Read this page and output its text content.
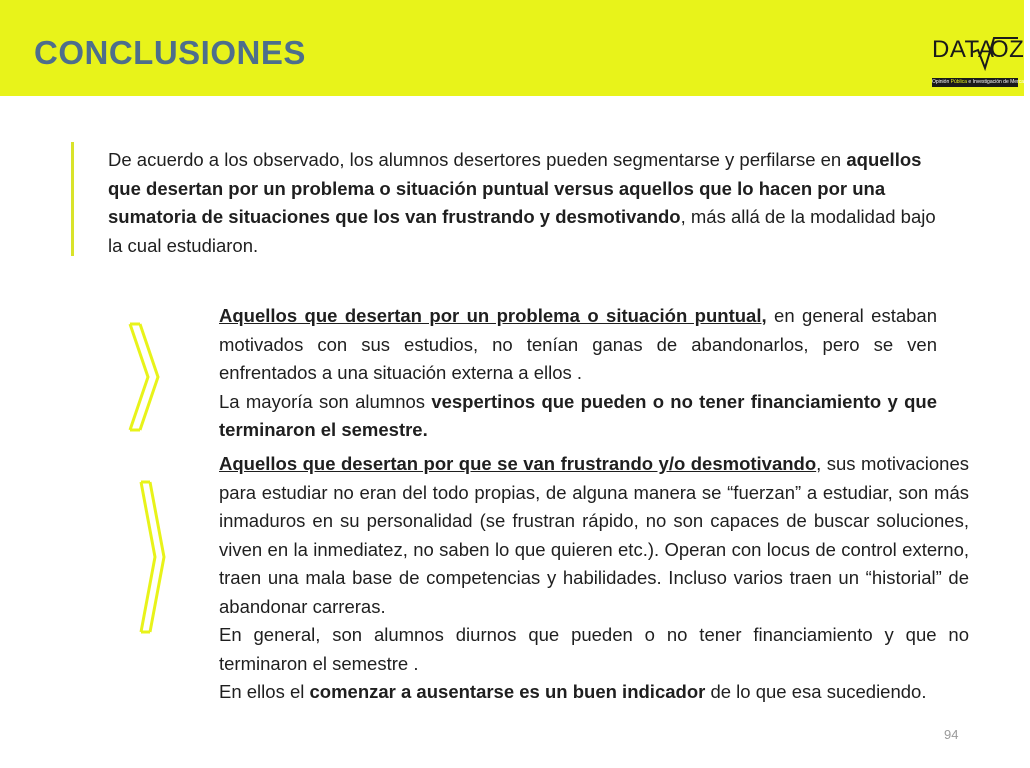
CONCLUSIONES	DATA
OZ
Opinión Pública e Investigación de Mercado
De acuerdo a los observado, los alumnos desertores pueden segmentarse y perfilarse en aquellos que desertan por un problema o situación puntual versus aquellos que lo hacen por una sumatoria de situaciones que los van frustrando y desmotivando, más allá de la modalidad bajo la cual estudiaron.

Aquellos que desertan por un problema o situación puntual, en general estaban motivados con sus estudios, no tenían ganas de abandonarlos, pero se ven enfrentados a una situación externa a ellos .

La mayoría son alumnos vespertinos que pueden o no tener financiamiento y que terminaron el semestre.

Aquellos que desertan por que se van frustrando y/o desmotivando, sus motivaciones para estudiar no eran del todo propias, de alguna manera se “fuerzan” a estudiar, son más inmaduros en su personalidad (se frustran rápido, no son capaces de buscar soluciones, viven en la inmediatez, no saben lo que quieren etc.). Operan con locus de control externo, traen una mala base de competencias y habilidades. Incluso varios traen un “historial” de abandonar carreras.

En general, son alumnos diurnos que pueden o no tener financiamiento y que no terminaron el semestre .

En ellos el comenzar a ausentarse es un buen indicador de lo que esa sucediendo.

94
